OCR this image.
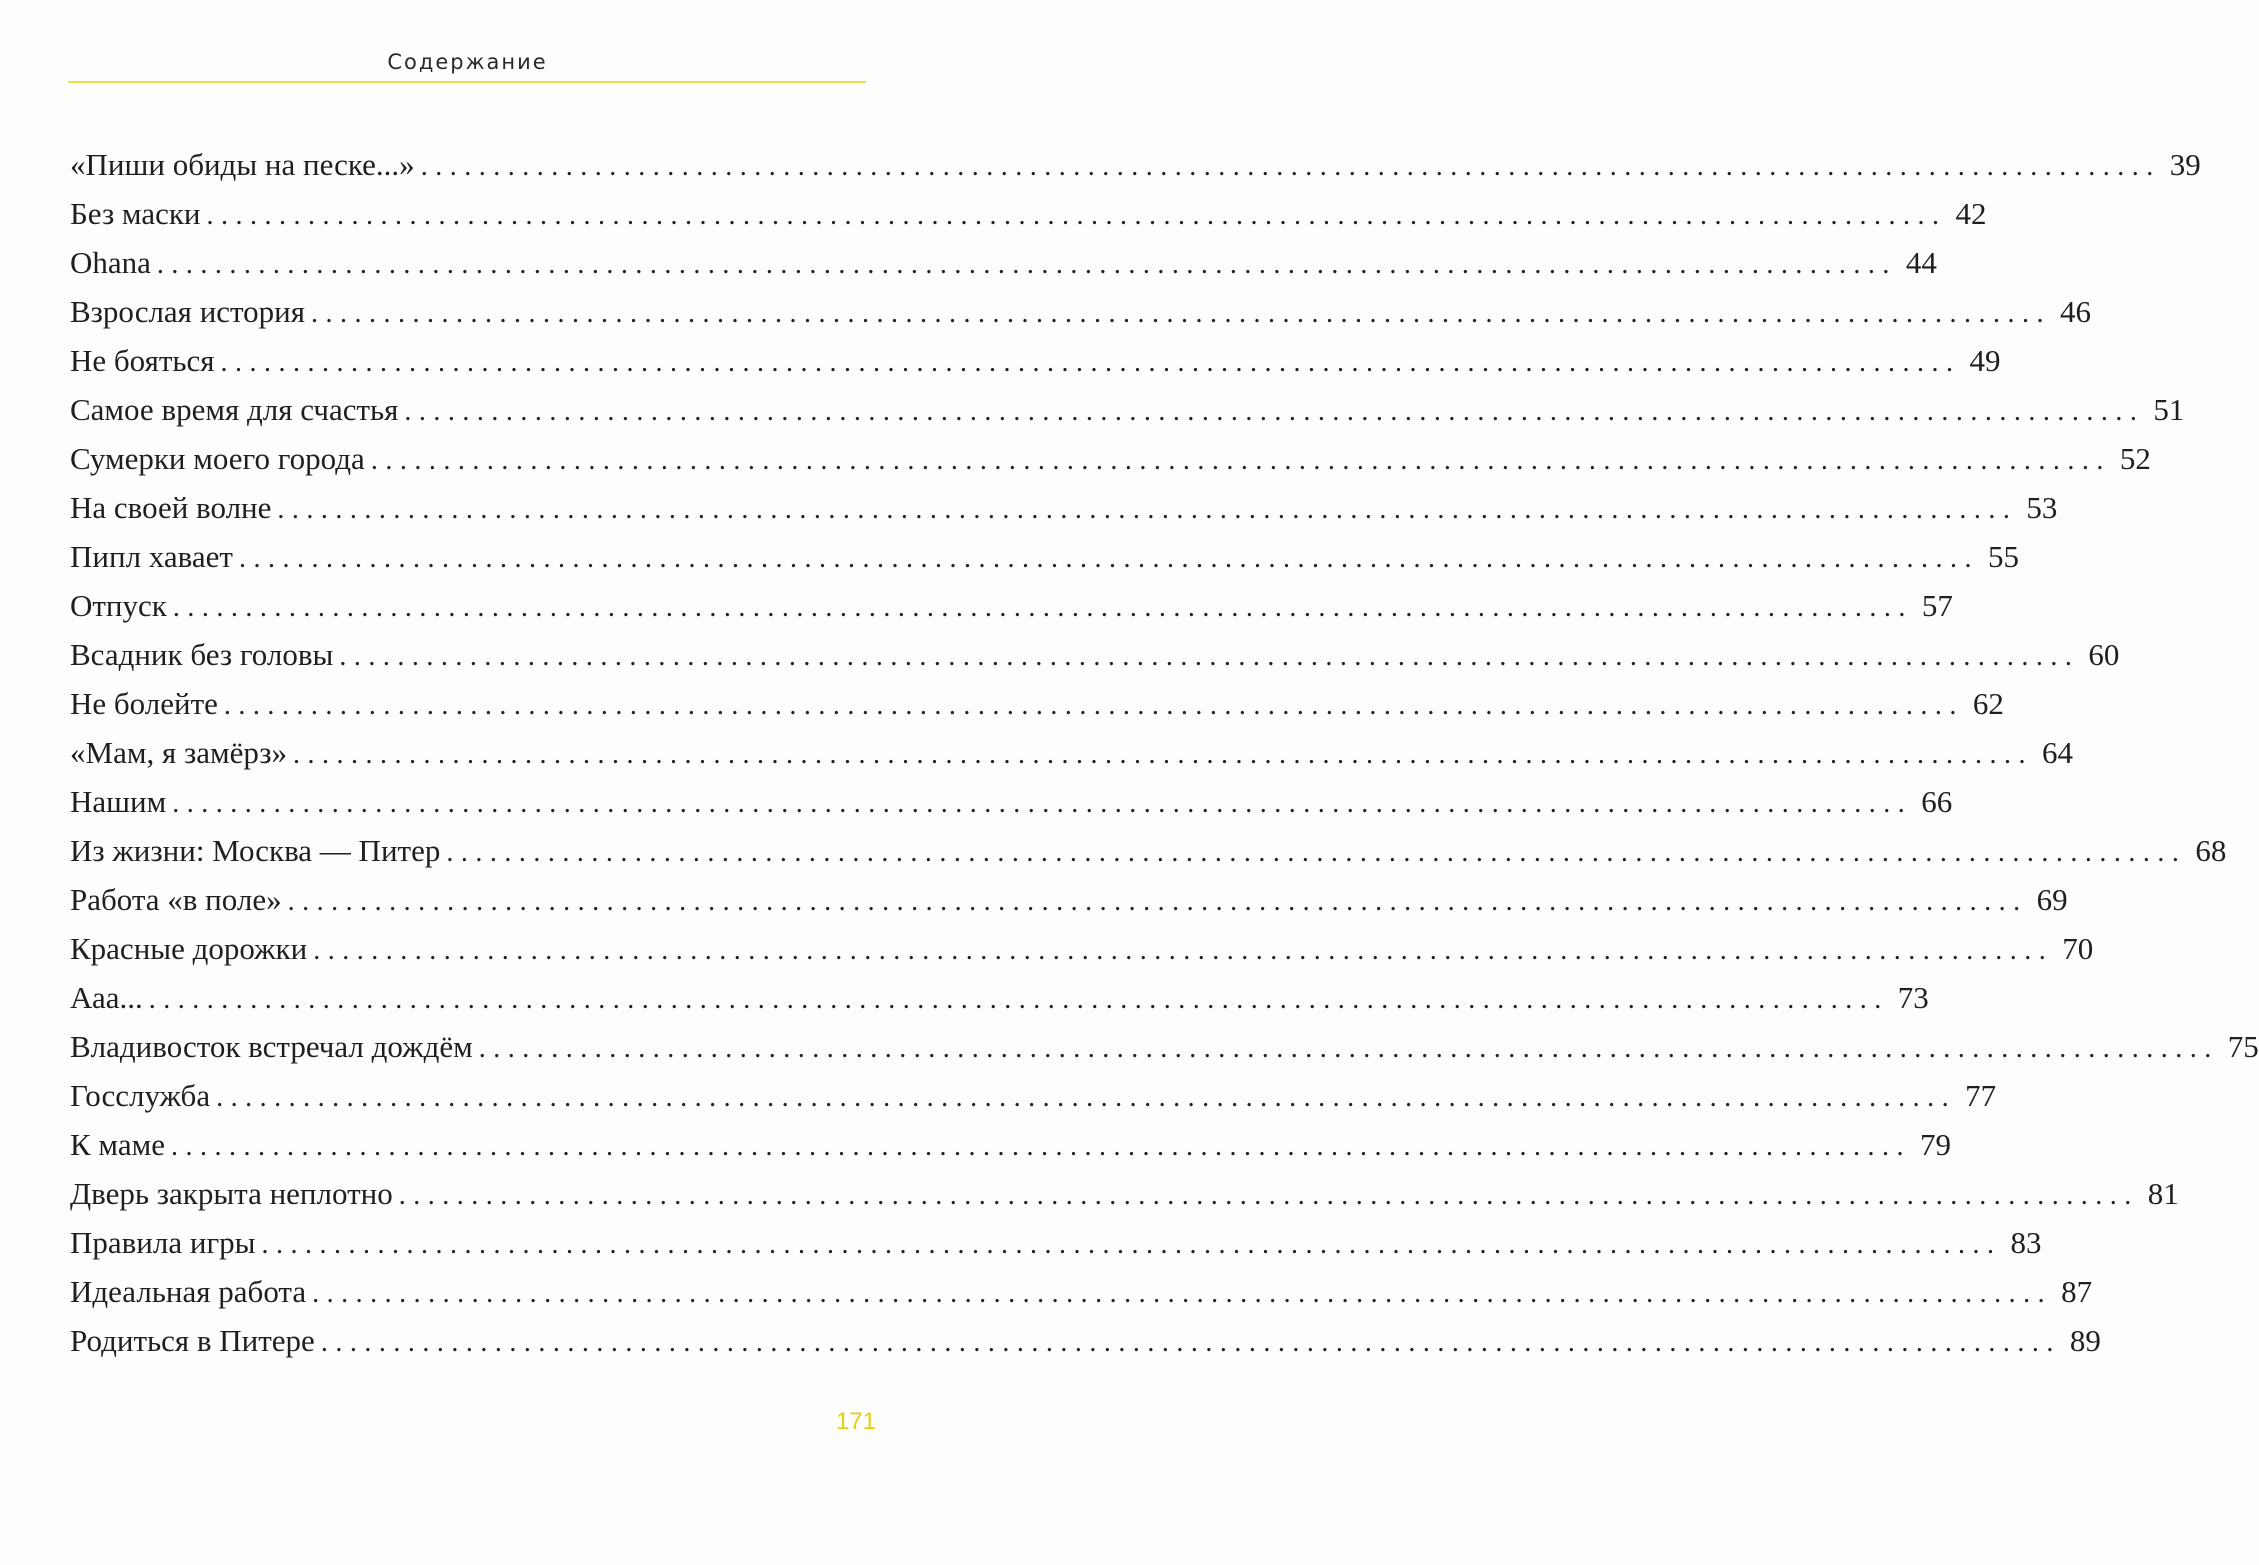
Содержание
«Пиши обиды на песке...» ........................................................................................................................ 39
Без маски ........................................................................................................................ 42
Ohana ........................................................................................................................ 44
Взрослая история ........................................................................................................................ 46
Не бояться ........................................................................................................................ 49
Самое время для счастья ........................................................................................................................ 51
Сумерки моего города ........................................................................................................................ 52
На своей волне ........................................................................................................................ 53
Пипл хавает ........................................................................................................................ 55
Отпуск ........................................................................................................................ 57
Всадник без головы ........................................................................................................................ 60
Не болейте ........................................................................................................................ 62
«Мам, я замёрз» ........................................................................................................................ 64
Нашим ........................................................................................................................ 66
Из жизни: Москва — Питер ........................................................................................................................ 68
Работа «в поле» ........................................................................................................................ 69
Красные дорожки ........................................................................................................................ 70
Ааа... ........................................................................................................................ 73
Владивосток встречал дождём ........................................................................................................................ 75
Госслужба ........................................................................................................................ 77
К маме ........................................................................................................................ 79
Дверь закрыта неплотно ........................................................................................................................ 81
Правила игры ........................................................................................................................ 83
Идеальная работа ........................................................................................................................ 87
Родиться в Питере ........................................................................................................................ 89
171
